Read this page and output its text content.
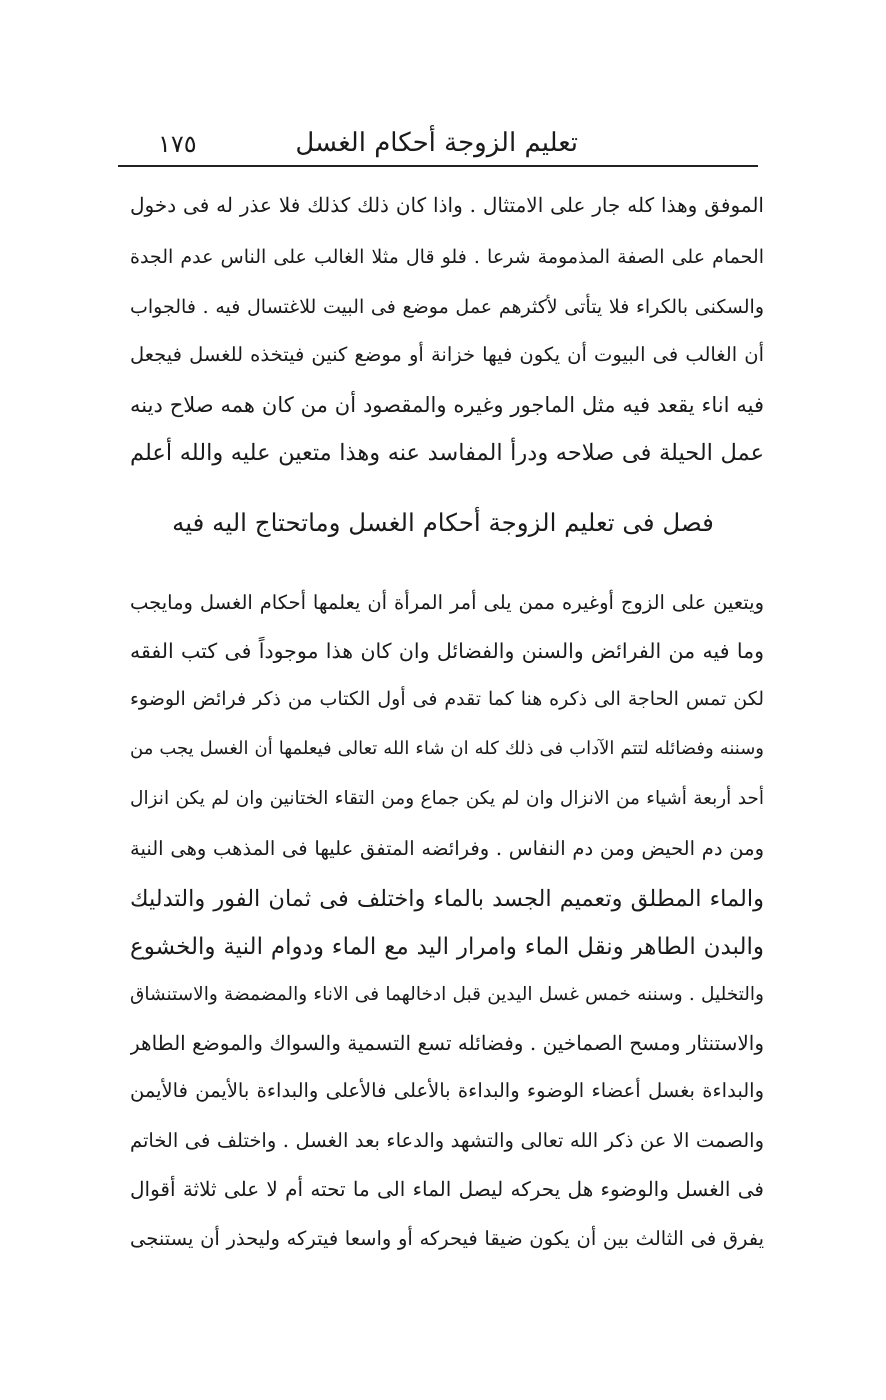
تعليم الزوجة أحكام الغسل
١٧٥
الموفق وهذا كله جار على الامتثال . واذا كان ذلك كذلك فلا عذر له فى دخول
الحمام على الصفة المذمومة شرعا . فلو قال مثلا الغالب على الناس عدم الجدة
والسكنى بالكراء فلا يتأتى لأكثرهم عمل موضع فى البيت للاغتسال فيه . فالجواب
أن الغالب فى البيوت أن يكون فيها خزانة أو موضع كنين فيتخذه للغسل فيجعل
فيه اناء يقعد فيه مثل الماجور وغيره والمقصود أن من كان همه صلاح دينه
عمل الحيلة فى صلاحه ودرأ المفاسد عنه وهذا متعين عليه والله أعلم
فصل فى تعليم الزوجة أحكام الغسل وماتحتاج اليه فيه
ويتعين على الزوج أوغيره ممن يلى أمر المرأة أن يعلمها أحكام الغسل ومايجب
وما فيه من الفرائض والسنن والفضائل وان كان هذا موجوداً فى كتب الفقه
لكن تمس الحاجة الى ذكره هنا كما تقدم فى أول الكتاب من ذكر فرائض الوضوء
وسننه وفضائله لتتم الآداب فى ذلك كله ان شاء الله تعالى فيعلمها أن الغسل يجب من
أحد أربعة أشياء من الانزال وان لم يكن جماع ومن التقاء الختانين وان لم يكن انزال
ومن دم الحيض ومن دم النفاس . وفرائضه المتفق عليها فى المذهب وهى النية
والماء المطلق وتعميم الجسد بالماء واختلف فى ثمان الفور والتدليك
والبدن الطاهر ونقل الماء وامرار اليد مع الماء ودوام النية والخشوع
والتخليل . وسننه خمس غسل اليدين قبل ادخالهما فى الاناء والمضمضة والاستنشاق
والاستنثار ومسح الصماخين . وفضائله تسع التسمية والسواك والموضع الطاهر
والبداءة بغسل أعضاء الوضوء والبداءة بالأعلى فالأعلى والبداءة بالأيمن فالأيمن
والصمت الا عن ذكر الله تعالى والتشهد والدعاء بعد الغسل . واختلف فى الخاتم
فى الغسل والوضوء هل يحركه ليصل الماء الى ما تحته أم لا على ثلاثة أقوال
يفرق فى الثالث بين أن يكون ضيقا فيحركه أو واسعا فيتركه وليحذر أن يستنجى
